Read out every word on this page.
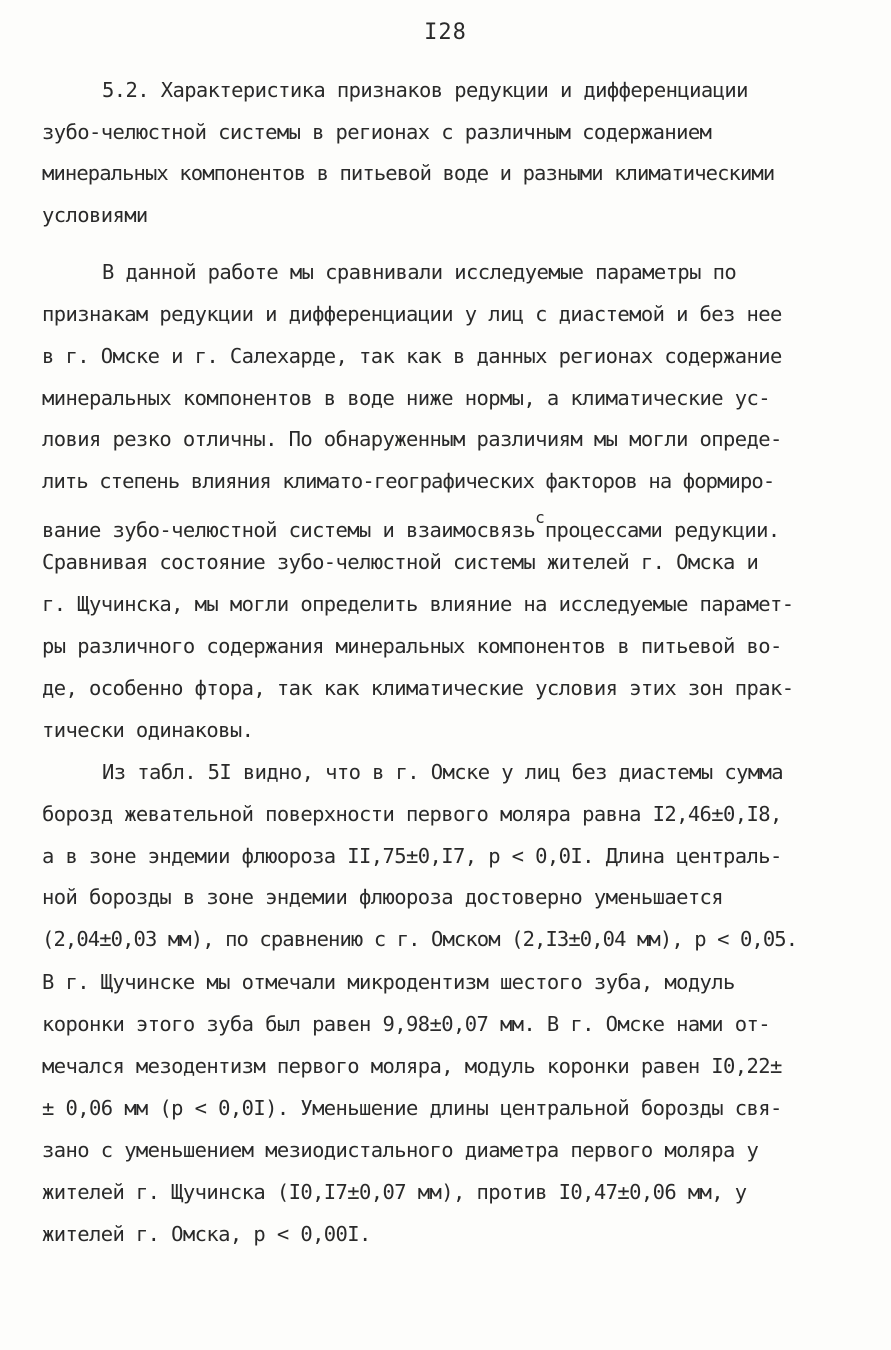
I28
5.2. Характеристика признаков редукции и дифференциации
зубо-челюстной системы в регионах с различным содержанием
минеральных компонентов в питьевой воде и разными климатическими
условиями
В данной работе мы сравнивали исследуемые параметры по
признакам редукции и дифференциации у лиц с диастемой и без нее
в г. Омске и г. Салехарде, так как в данных регионах содержание
минеральных компонентов в воде ниже нормы, а климатические ус-
ловия резко отличны. По обнаруженным различиям мы могли опреде-
лить степень влияния климато-географических факторов на формиро-
вание зубо-челюстной системы и взаимосвязьспроцессами редукции.
Сравнивая состояние зубо-челюстной системы жителей г. Омска и
г. Щучинска, мы могли определить влияние на исследуемые парамет-
ры различного содержания минеральных компонентов в питьевой во-
де, особенно фтора, так как климатические условия этих зон прак-
тически одинаковы.
Из табл. 5I видно, что в г. Омске у лиц без диастемы сумма
борозд жевательной поверхности первого моляра равна I2,46±0,I8,
а в зоне эндемии флюороза II,75±0,I7, р < 0,0I. Длина централь-
ной борозды в зоне эндемии флюороза достоверно уменьшается
(2,04±0,03 мм), по сравнению с г. Омском (2,I3±0,04 мм), р < 0,05.
В г. Щучинске мы отмечали микродентизм шестого зуба, модуль
коронки этого зуба был равен 9,98±0,07 мм. В г. Омске нами от-
мечался мезодентизм первого моляра, модуль коронки равен I0,22±
± 0,06 мм (р < 0,0I). Уменьшение длины центральной борозды свя-
зано с уменьшением мезиодистального диаметра первого моляра у
жителей г. Щучинска (I0,I7±0,07 мм), против I0,47±0,06 мм, у
жителей г. Омска, р < 0,00I.
